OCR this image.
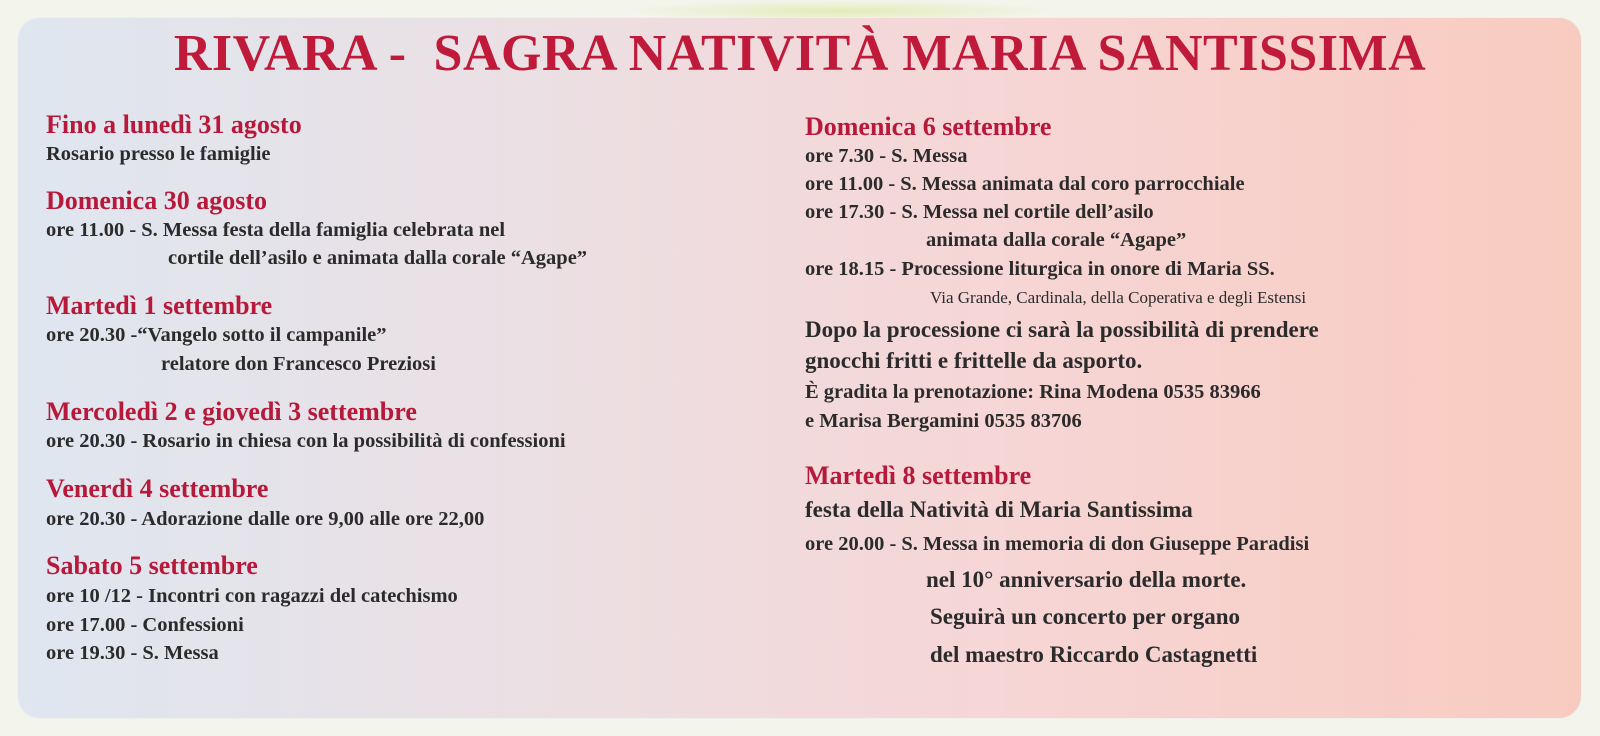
RIVARA -  SAGRA NATIVITÀ MARIA SANTISSIMA
Fino a lunedì 31 agosto
Rosario presso le famiglie
Domenica 30 agosto
ore 11.00 - S. Messa festa della famiglia celebrata nel
cortile dell’asilo e animata dalla corale “Agape”
Martedì 1 settembre
ore 20.30 -“Vangelo sotto il campanile”
relatore don Francesco Preziosi
Mercoledì 2 e giovedì 3 settembre
ore 20.30 - Rosario in chiesa con la possibilità di confessioni
Venerdì 4 settembre
ore 20.30 - Adorazione dalle ore 9,00 alle ore 22,00
Sabato 5 settembre
ore 10 /12 - Incontri con ragazzi del catechismo
ore 17.00 - Confessioni
ore 19.30 - S. Messa
Domenica 6 settembre
ore 7.30 - S. Messa
ore 11.00 - S. Messa animata dal coro parrocchiale
ore 17.30 - S. Messa nel cortile dell’asilo
animata dalla corale “Agape”
ore 18.15 - Processione liturgica in onore di Maria SS.
Via Grande, Cardinala, della Coperativa e degli Estensi
Dopo la processione ci sarà la possibilità di prendere
gnocchi fritti e frittelle da asporto.
È gradita la prenotazione: Rina Modena 0535 83966
e Marisa Bergamini 0535 83706
Martedì 8 settembre
festa della Natività di Maria Santissima
ore 20.00 - S. Messa in memoria di don Giuseppe Paradisi
nel 10° anniversario della morte.
Seguirà un concerto per organo
del maestro Riccardo Castagnetti
